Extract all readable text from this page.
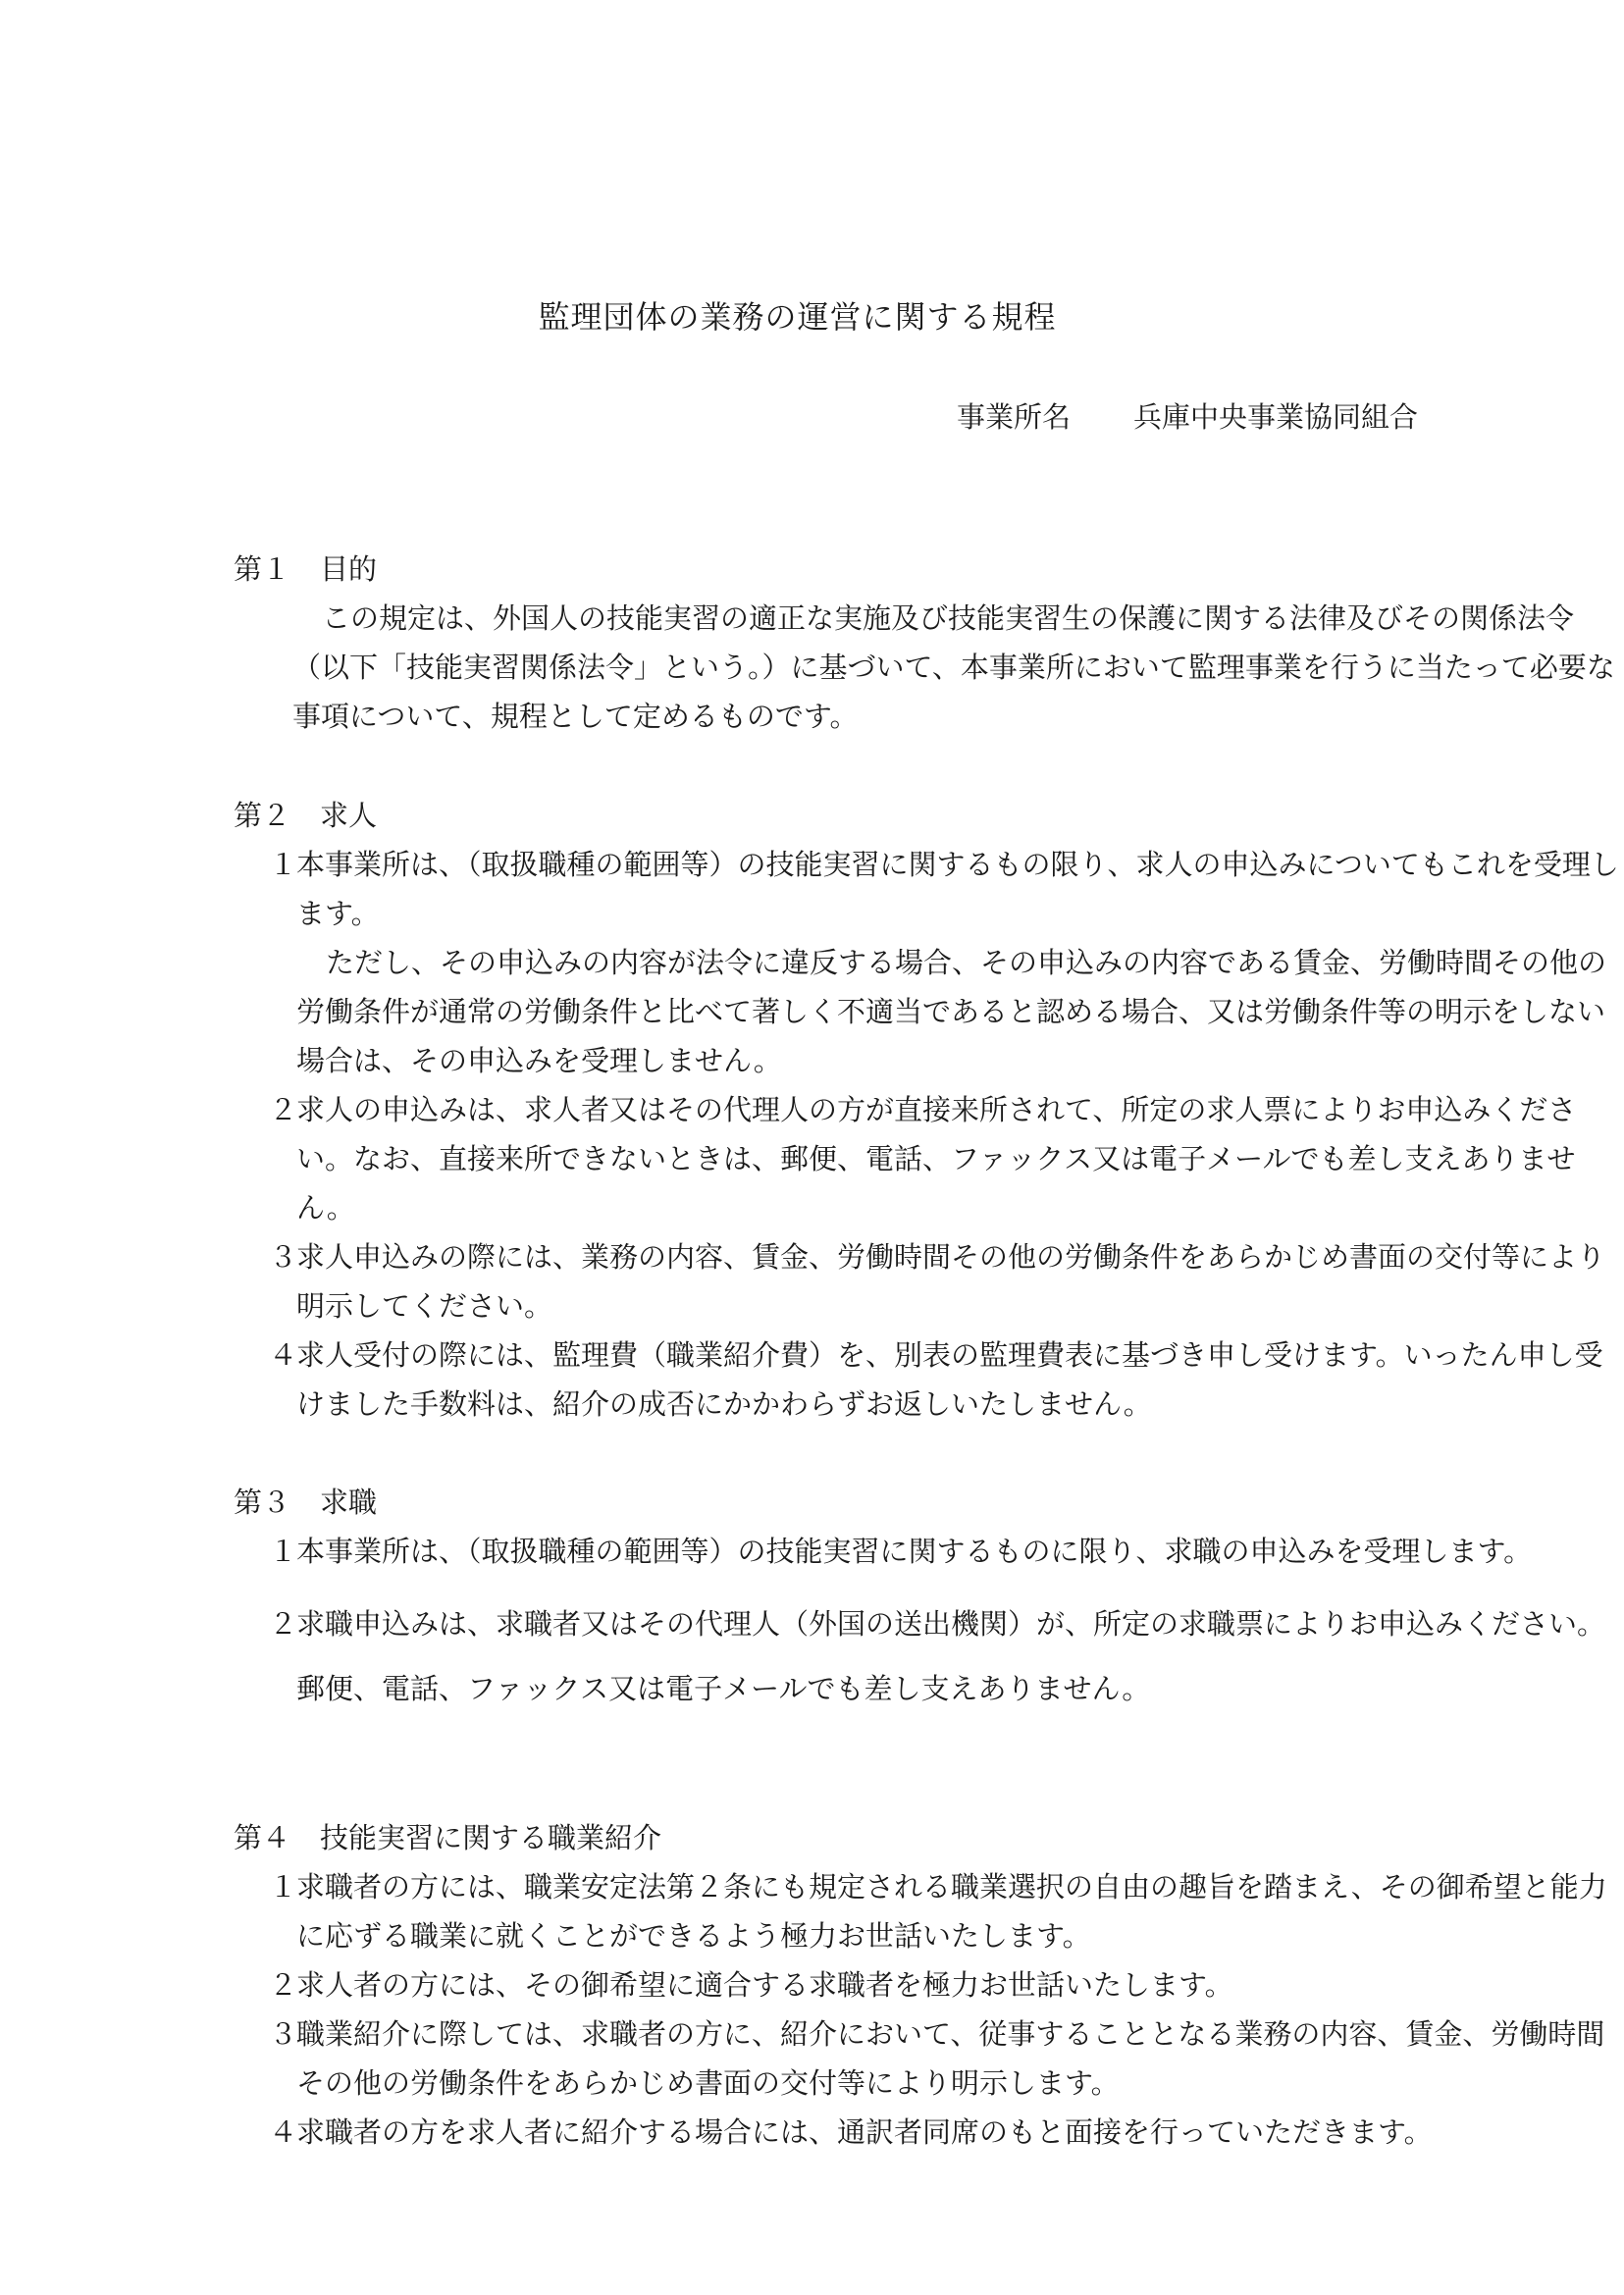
監理団体の業務の運営に関する規程
事業所名 兵庫中央事業協同組合

第１ 目的

この規定は、外国人の技能実習の適正な実施及び技能実習生の保護に関する法律及びその関係法令（以下「技能実習関係法令」という。）に基づいて、本事業所において監理事業を行うに当たって必要な事項について、規程として定めるものです。

第２ 求人

１
本事業所は、（取扱職種の範囲等）の技能実習に関するもの限り、求人の申込みについてもこれを受理します。
ただし、その申込みの内容が法令に違反する場合、その申込みの内容である賃金、労働時間その他の労働条件が通常の労働条件と比べて著しく不適当であると認める場合、又は労働条件等の明示をしない場合は、その申込みを受理しません。
２
求人の申込みは、求人者又はその代理人の方が直接来所されて、所定の求人票によりお申込みください。なお、直接来所できないときは、郵便、電話、ファックス又は電子メールでも差し支えありません。
３
求人申込みの際には、業務の内容、賃金、労働時間その他の労働条件をあらかじめ書面の交付等により明示してください。
４
求人受付の際には、監理費（職業紹介費）を、別表の監理費表に基づき申し受けます。いったん申し受けました手数料は、紹介の成否にかかわらずお返しいたしません。

第３ 求職

１
本事業所は、（取扱職種の範囲等）の技能実習に関するものに限り、求職の申込みを受理します。
２
求職申込みは、求職者又はその代理人（外国の送出機関）が、所定の求職票によりお申込みください。郵便、電話、ファックス又は電子メールでも差し支えありません。

第４ 技能実習に関する職業紹介

１
求職者の方には、職業安定法第２条にも規定される職業選択の自由の趣旨を踏まえ、その御希望と能力に応ずる職業に就くことができるよう極力お世話いたします。
２
求人者の方には、その御希望に適合する求職者を極力お世話いたします。
３
職業紹介に際しては、求職者の方に、紹介において、従事することとなる業務の内容、賃金、労働時間その他の労働条件をあらかじめ書面の交付等により明示します。
４
求職者の方を求人者に紹介する場合には、通訳者同席のもと面接を行っていただきます。
